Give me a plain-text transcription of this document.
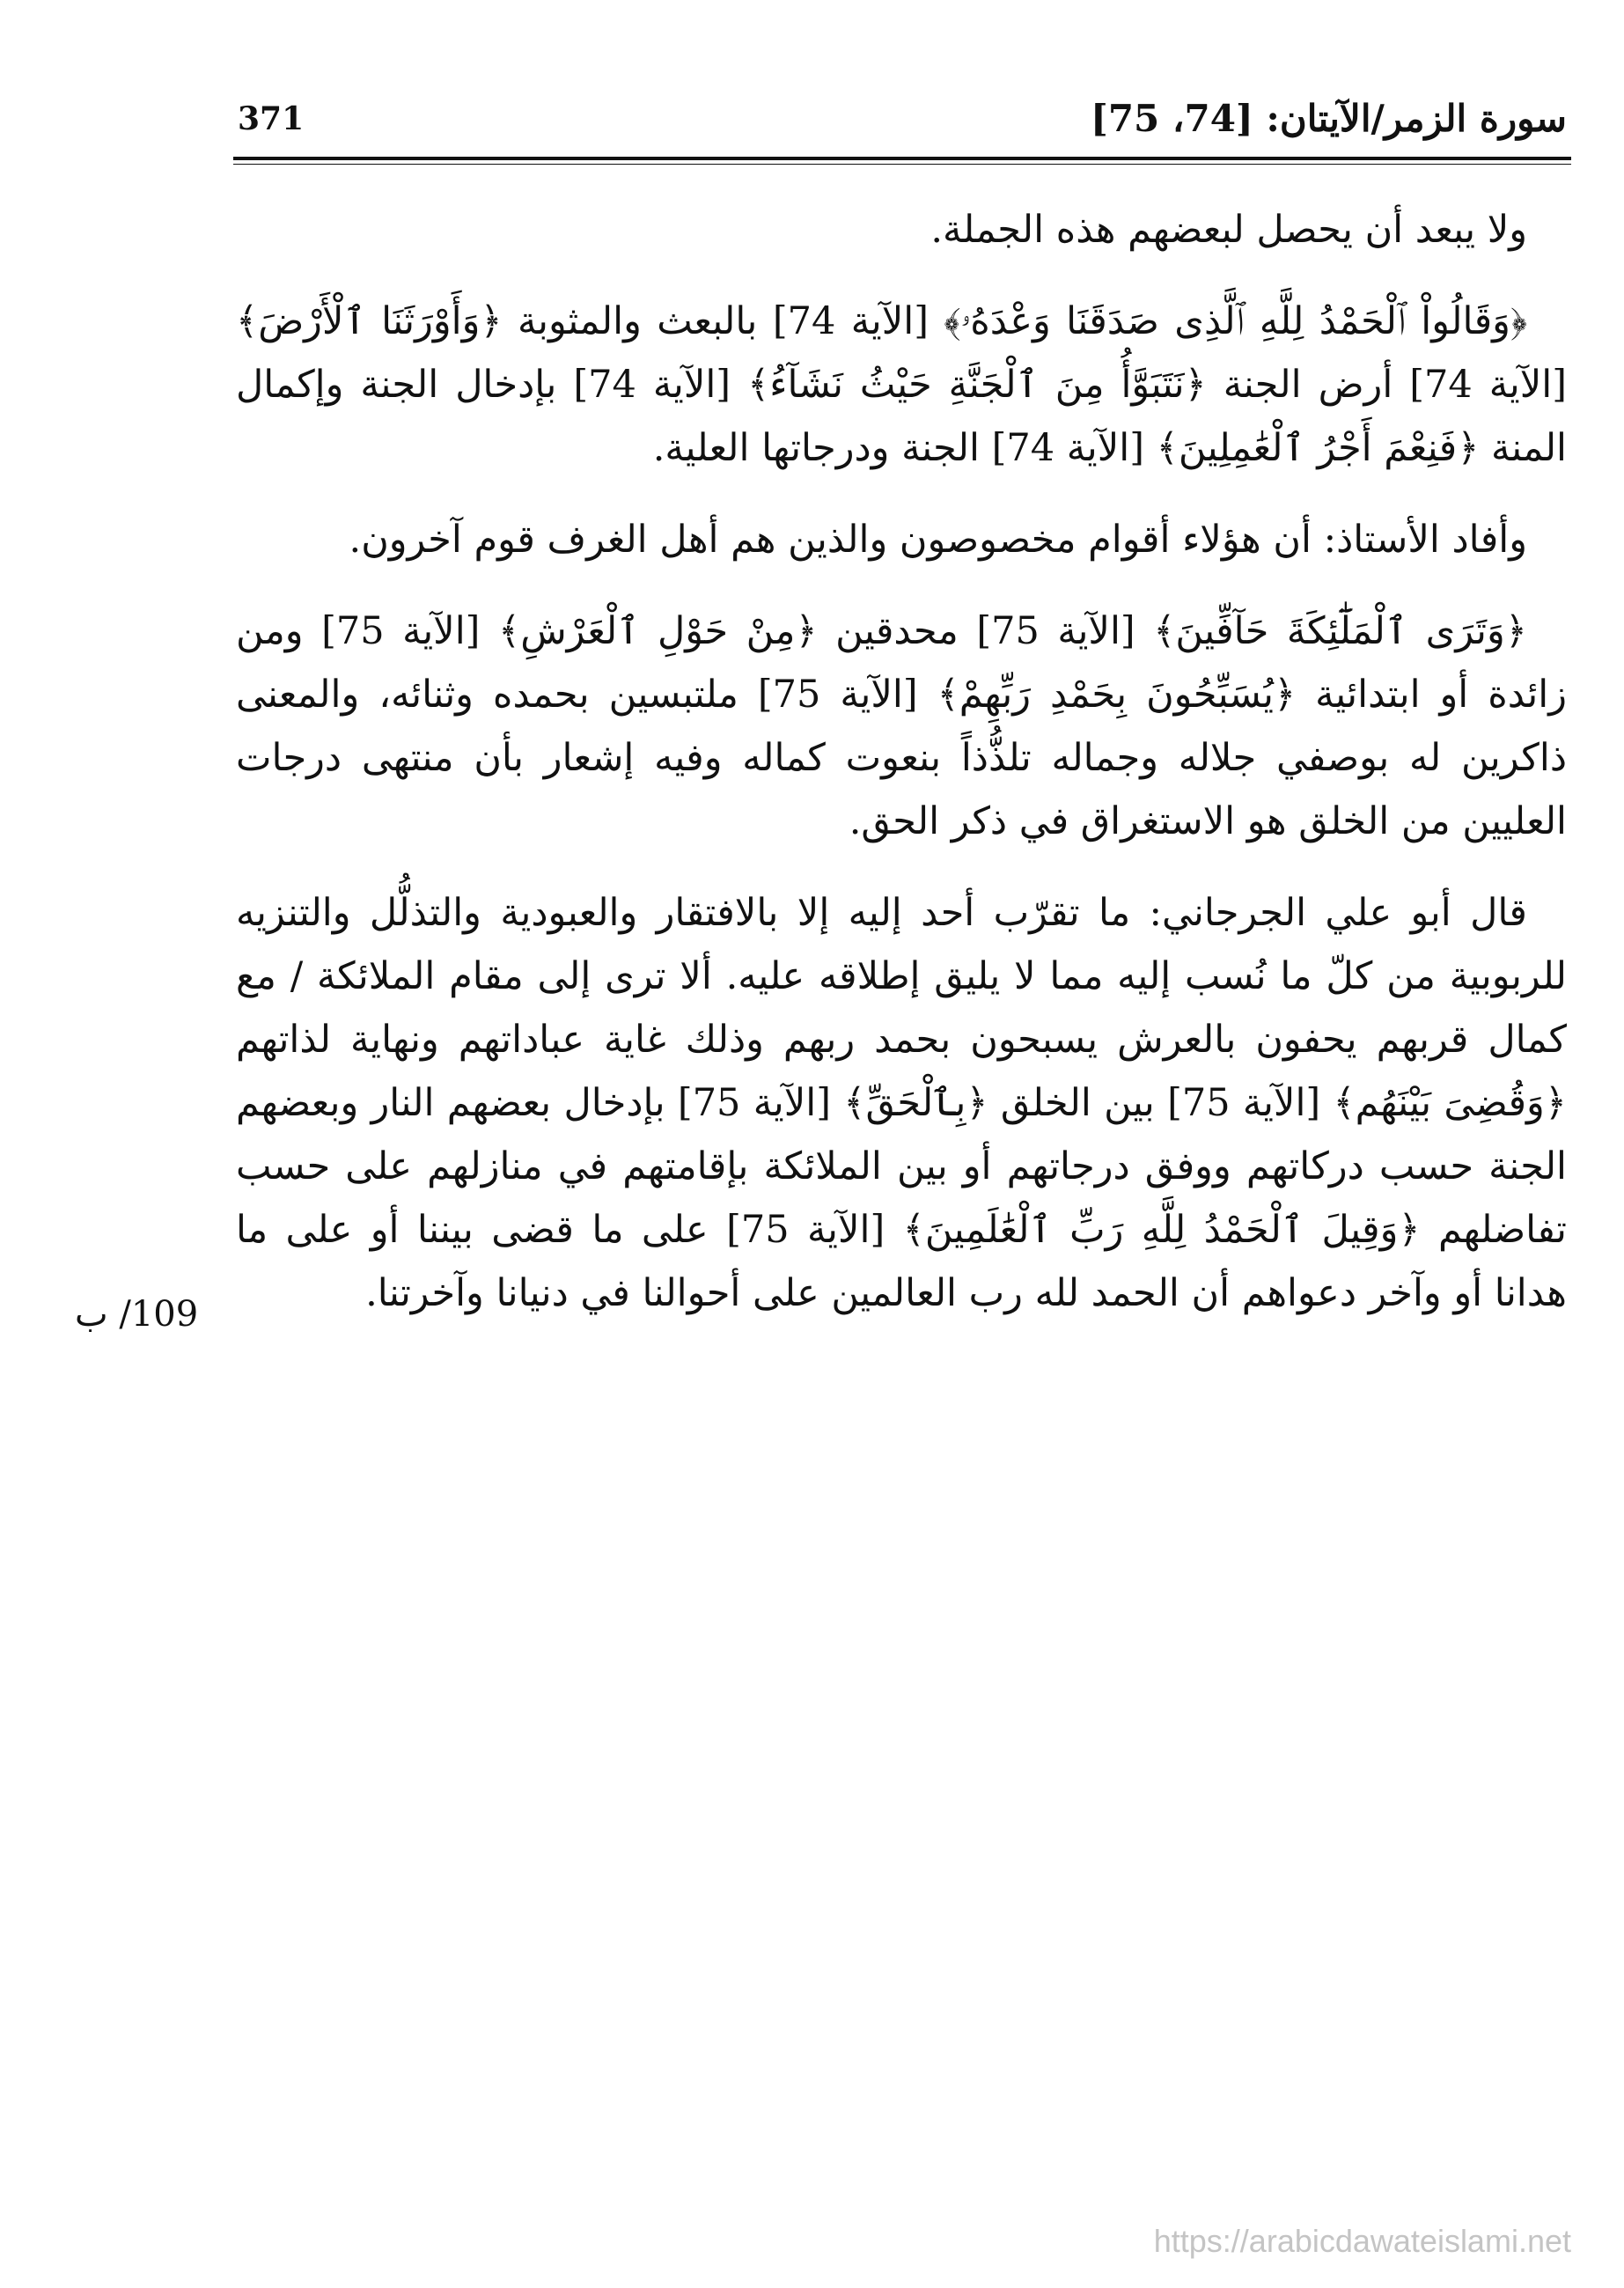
سورة الزمر/الآيتان: [74، 75]
371

ولا يبعد أن يحصل لبعضهم هذه الجملة.

﴿وَقَالُواْ ٱلْحَمْدُ لِلَّهِ ٱلَّذِى صَدَقَنَا وَعْدَهُۥ﴾ [الآية 74] بالبعث والمثوبة ﴿وَأَوْرَثَنَا ٱلْأَرْضَ﴾ [الآية 74] أرض الجنة ﴿نَتَبَوَّأُ مِنَ ٱلْجَنَّةِ حَيْثُ نَشَآءُ﴾ [الآية 74] بإدخال الجنة وإكمال المنة ﴿فَنِعْمَ أَجْرُ ٱلْعَٰمِلِينَ﴾ [الآية 74] الجنة ودرجاتها العلية.

وأفاد الأستاذ: أن هؤلاء أقوام مخصوصون والذين هم أهل الغرف قوم آخرون.

﴿وَتَرَى ٱلْمَلَٰٓئِكَةَ حَآفِّينَ﴾ [الآية 75] محدقين ﴿مِنْ حَوْلِ ٱلْعَرْشِ﴾ [الآية 75] ومن زائدة أو ابتدائية ﴿يُسَبِّحُونَ بِحَمْدِ رَبِّهِمْ﴾ [الآية 75] ملتبسين بحمده وثنائه، والمعنى ذاكرين له بوصفي جلاله وجماله تلذُّذاً بنعوت كماله وفيه إشعار بأن منتهى درجات العليين من الخلق هو الاستغراق في ذكر الحق.

قال أبو علي الجرجاني: ما تقرّب أحد إليه إلا بالافتقار والعبودية والتذلُّل والتنزيه للربوبية من كلّ ما نُسب إليه مما لا يليق إطلاقه عليه. ألا ترى إلى مقام الملائكة / مع كمال قربهم يحفون بالعرش يسبحون بحمد ربهم وذلك غاية عباداتهم ونهاية لذاتهم ﴿وَقُضِىَ بَيْنَهُم﴾ [الآية 75] بين الخلق ﴿بِٱلْحَقِّ﴾ [الآية 75] بإدخال بعضهم النار وبعضهم الجنة حسب دركاتهم ووفق درجاتهم أو بين الملائكة بإقامتهم في منازلهم على حسب تفاضلهم ﴿وَقِيلَ ٱلْحَمْدُ لِلَّهِ رَبِّ ٱلْعَٰلَمِينَ﴾ [الآية 75] على ما قضى بيننا أو على ما هدانا أو وآخر دعواهم أن الحمد لله رب العالمين على أحوالنا في دنيانا وآخرتنا.

109/ ب
https://arabicdawateislami.net
